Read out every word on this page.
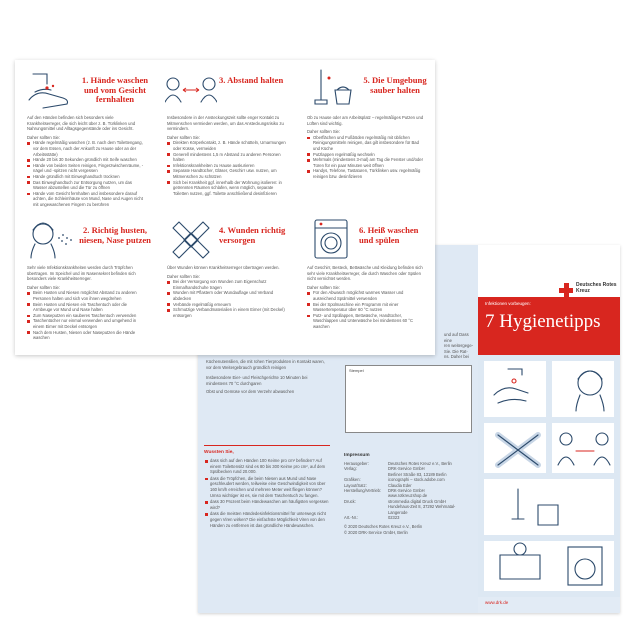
Küchenutensilien, die mit rohen Tierprodukten in Kontakt waren, vor dem Weitergebrauch gründlich reinigen
Insbesondere Eier- und Fleischgerichte 10 Minuten bei mindestens 70 °C durchgaren
Obst und Gemüse vor dem Verzehr abwaschen
Wussten Sie,
dass sich auf den Händen 100 Keime pro cm² befinden? Auf einem Toilettensitz sind es 80 bis 300 Keime pro cm², auf dem Spülbecken rund 20.000.
dass die Tröpfchen, die beim Niesen aus Mund und Nase geschleudert werden, teilweise eine Geschwindigkeit von über 160 km/h erreichen und mehrere Meter weit fliegen können? Umso wichtiger ist es, sie mit dem Taschentuch zu fangen.
dass 30 Prozent beim Händewaschen am häufigsten vergessen wird?
dass die meisten Händedesinfektionsmittel für unterwegs nicht gegen Viren wirken? Die einfachste Möglichkeit Viren von den Händen zu entfernen ist das gründliche Händewaschen.
Stempel
Impressum
Herausgeber:	Deutsches Rotes Kreuz e.V., Berlin
Verlag:	DRK-Service GmbH
Berliner Straße 83, 13189 Berlin
Grafiken:	iconographi – stock.adobe.com
Layout/Satz:	Claudia Eder
Herstellung/Vertrieb:	DRK-Service GmbH
www.rotkreuzshop.de
Druck:	strommedia digital Druck GmbH
Hundehaus-Zeit 8, 37292 Wehrnatal-Langerode
Art.-Nr.:	02323
© 2020 Deutsches Rotes Kreuz e.V., Berlin
© 2020 DRK-Service GmbH, Berlin
Deutsches Rotes Kreuz
Infektionen vorbeugen:
7 Hygienetipps
www.drk.de
und auf Dass eine
ren weitergege-
Sie. Die Rat-
ns. Daher bei
1. Hände waschen und vom Gesicht fernhalten
Auf den Händen befinden sich besonders viele Krankheitserreger, die sich leicht über z. B. Türklinken und Nahrungsmittel und Alltagsgegenstände oder ins Gesicht.
Daher sollten Sie:
Hände regelmäßig waschen (z. B. nach dem Toilettengang, vor dem Essen, nach der Ankunft zu Hause oder an der Arbeitsstätte)
Hände 20 bis 30 Sekunden gründlich mit Seife waschen
Hände von beiden Seiten reinigen, Fingerzwischenräume, -nägel und -spitzen nicht vergessen
Hände gründlich mit Einweghandtuch trocknen
Das Einweghandtuch zur Entsorgung nutzen, um das Wasser abzustellen und die Tür zu öffnen
Hände vom Gesicht fernhalten und insbesondere darauf achten, die Schleimhäute von Mund, Nase und Augen nicht mit ungewaschenen Fingern zu berühren
2. Richtig husten, niesen, Nase putzen
Sehr viele Infektionskrankheiten werden durch Tröpfchen übertragen. Im Speichel und im Nasensekret befinden sich besonders viele Krankheitserreger.
Daher sollten Sie:
Beim Husten und Niesen möglichst Abstand zu anderen Personen halten und sich von ihnen wegdrehen
Beim Husten und Niesen ein Taschentuch oder die Armbeuge vor Mund und Nase halten
Zum Naseputzen ein sauberes Taschentuch verwenden
Taschentücher nur einmal verwenden und umgehend in einem Eimer mit Deckel entsorgen
Nach dem Husten, Niesen oder Naseputzen die Hände waschen
3. Abstand halten
Insbesondere in der Ansteckungszeit sollte enger Kontakt zu Mitmenschen vermieden werden, um das Ansteckungsrisiko zu vermindern.
Daher sollten Sie:
Direkten Körperkontakt, z. B. Hände schütteln, Umarmungen oder Küsse, vermeiden
Generell mindestens 1,5 m Abstand zu anderen Personen halten
Infektionskrankheiten zu Hause auskurieren
Separate Handtücher, Gläser, Geschirr usw. nutzen, um Mitmenschen zu schützen
Sich bei Krankheit ggf. innerhalb der Wohnung isolieren: in getrennten Räumen schlafen, wenn möglich, separate Toiletten nutzen, ggf. Toilette anschließend desinfizieren
4. Wunden richtig versorgen
Über Wunden können Krankheitserreger übertragen werden.
Daher sollten Sie:
Bei der Versorgung von Wunden zum Eigenschutz Einmalhandschuhe tragen
Wunden mit Pflastern oder Wundauflage und Verband abdecken
Verbände regelmäßig erneuern
Schmutzige Verbandmaterialien in einem Eimer (mit Deckel) entsorgen
5. Die Umgebung sauber halten
Ob zu Hause oder am Arbeitsplatz – regelmäßiges Putzen und Lüften sind wichtig.
Daher sollten Sie:
Oberflächen und Fußböden regelmäßig mit üblichen Reinigungsmitteln reinigen, das gilt insbesondere für Bad und Küche
Putzlappen regelmäßig wechseln
Mehrmals (mindestens 3-mal) am Tag die Fenster und/oder Türen für ein paar Minuten weit öffnen
Handys, Telefone, Tastaturen, Türklinken usw. regelmäßig reinigen bzw. desinfizieren
6. Heiß waschen und spülen
Auf Geschirr, Besteck, Bettwäsche und Kleidung befinden sich sehr viele Krankheitserreger, die durch Waschen oder Spülen nicht vernichtet werden.
Daher sollten Sie:
Für den Abwasch möglichst warmes Wasser und ausreichend Spülmittel verwenden
Bei der Spülmaschine ein Programm mit einer Wassertemperatur über 60 °C nutzen
Putz- und Spüllappen, Bettwäsche, Handtücher, Waschlappen und Unterwäsche bei mindestens 60 °C waschen
